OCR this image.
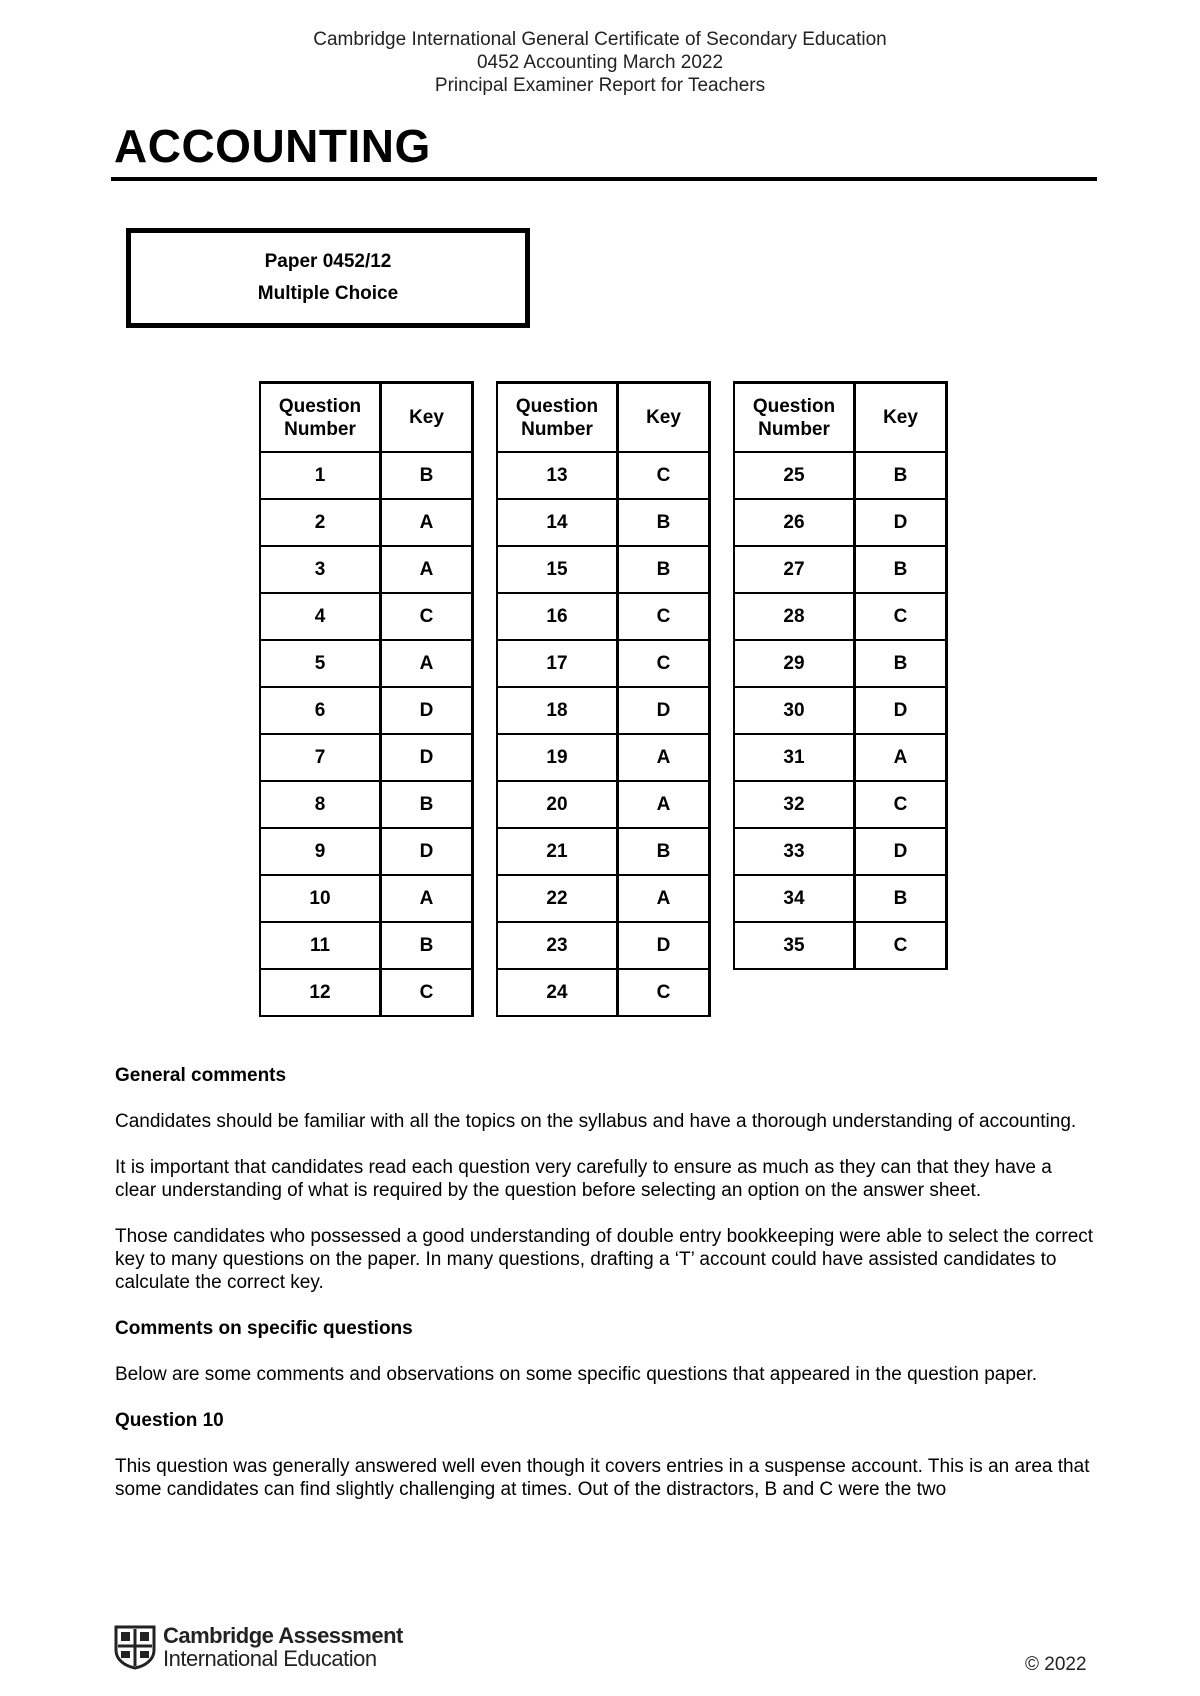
Cambridge International General Certificate of Secondary Education
0452 Accounting March 2022
Principal Examiner Report for Teachers
ACCOUNTING
Paper 0452/12
Multiple Choice
Question Number	Key
1	B
2	A
3	A
4	C
5	A
6	D
7	D
8	B
9	D
10	A
11	B
12	C
Question Number	Key
13	C
14	B
15	B
16	C
17	C
18	D
19	A
20	A
21	B
22	A
23	D
24	C
Question Number	Key
25	B
26	D
27	B
28	C
29	B
30	D
31	A
32	C
33	D
34	B
35	C
General comments

Candidates should be familiar with all the topics on the syllabus and have a thorough understanding of accounting.

It is important that candidates read each question very carefully to ensure as much as they can that they have a clear understanding of what is required by the question before selecting an option on the answer sheet.

Those candidates who possessed a good understanding of double entry bookkeeping were able to select the correct key to many questions on the paper. In many questions, drafting a ‘T’ account could have assisted candidates to calculate the correct key.

Comments on specific questions

Below are some comments and observations on some specific questions that appeared in the question paper.

Question 10

This question was generally answered well even though it covers entries in a suspense account. This is an area that some candidates can find slightly challenging at times. Out of the distractors, B and C were the two

Cambridge Assessment
International Education	© 2022
